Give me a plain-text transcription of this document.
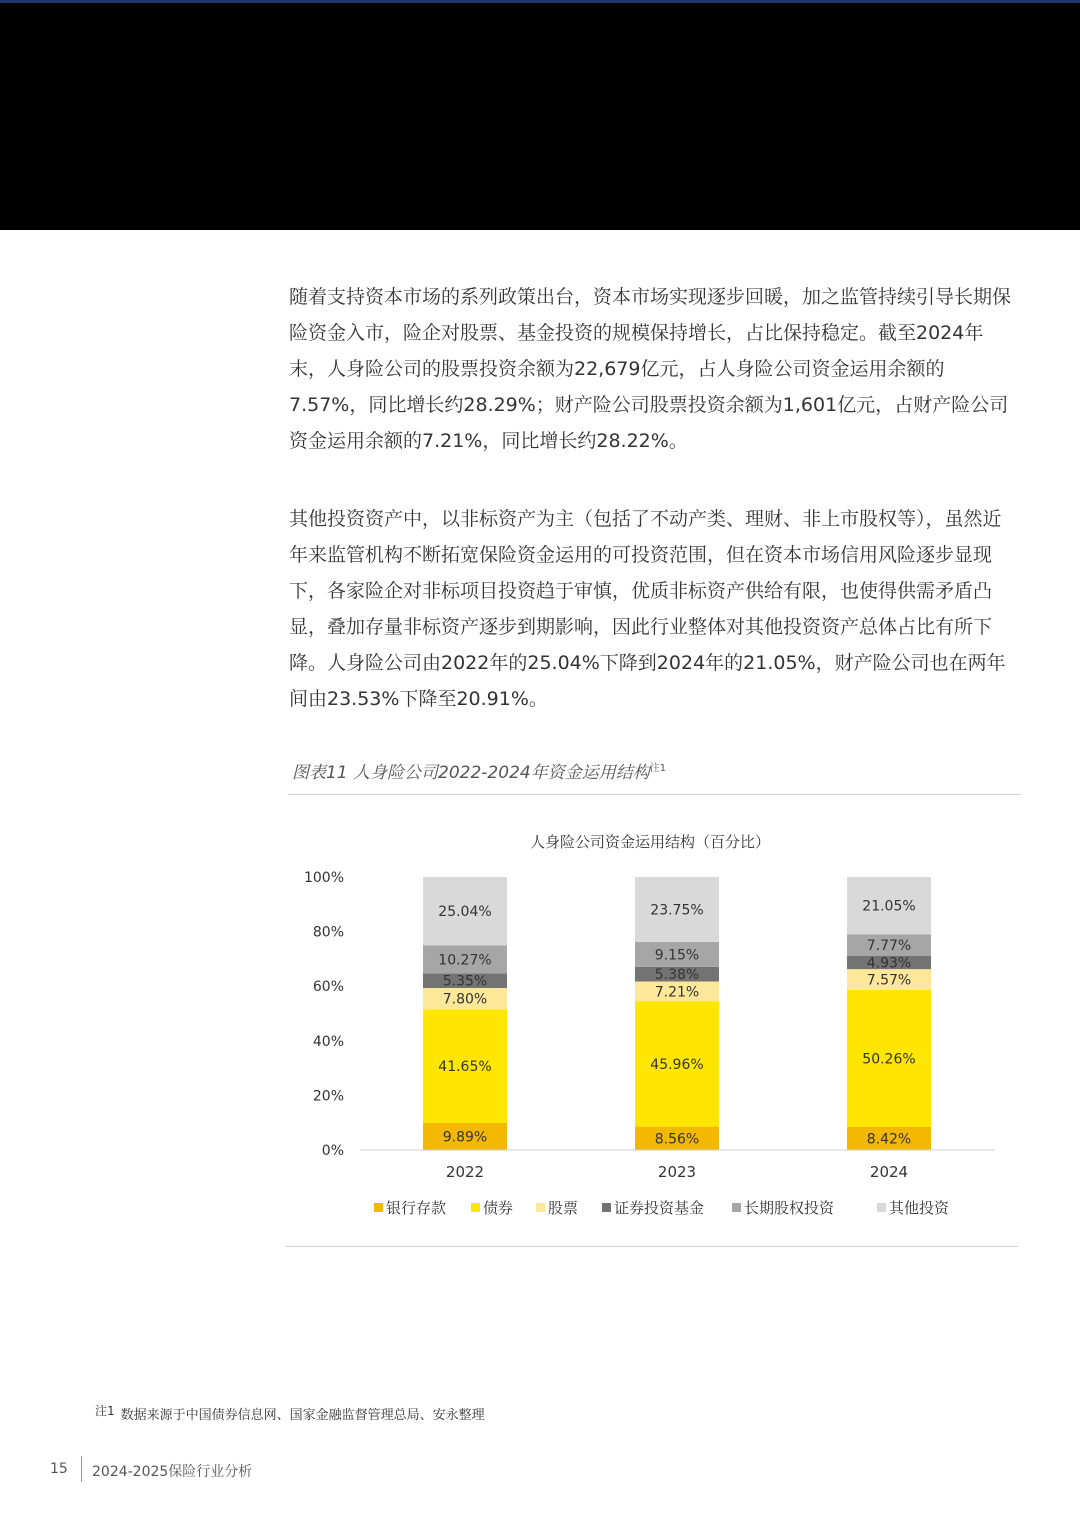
随着支持资本市场的系列政策出台，资本市场实现逐步回暖，加之监管持续引导长期保险资金入市，险企对股票、基金投资的规模保持增长，占比保持稳定。截至2024年末，人身险公司的股票投资余额为22,679亿元，占人身险公司资金运用余额的7.57%，同比增长约28.29%；财产险公司股票投资余额为1,601亿元，占财产险公司资金运用余额的7.21%，同比增长约28.22%。

其他投资资产中，以非标资产为主（包括了不动产类、理财、非上市股权等），虽然近年来监管机构不断拓宽保险资金运用的可投资范围，但在资本市场信用风险逐步显现下，各家险企对非标项目投资趋于审慎，优质非标资产供给有限，也使得供需矛盾凸显，叠加存量非标资产逐步到期影响，因此行业整体对其他投资资产总体占比有所下降。人身险公司由2022年的25.04%下降到2024年的21.05%，财产险公司也在两年间由23.53%下降至20.91%。

图表11 人身险公司2022-2024年资金运用结构$^{注1}$
人身险公司资金运用结构（百分比）
0%
20%
40%
60%
80%
100%
9.89%
41.65%
7.80%
5.35%
10.27%
25.04%
8.56%
45.96%
7.21%
5.38%
9.15%
23.75%
8.42%
50.26%
7.57%
4.93%
7.77%
21.05%
2022	2023	2024
银行存款 债券 股票 证券投资基金	长期股权投资	其他投资
$^{注1}$ 数据来源于中国债券信息网、国家金融监督管理总局、安永整理
15 2024-2025保险行业分析
